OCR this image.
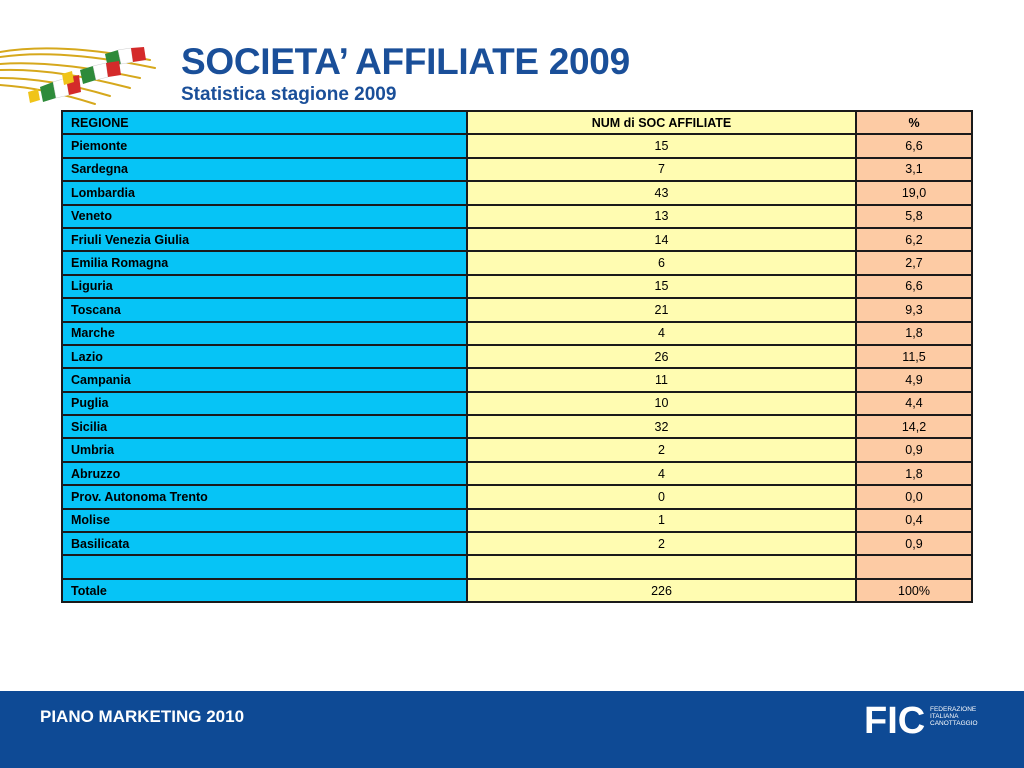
SOCIETA’ AFFILIATE 2009
Statistica stagione 2009
REGIONE	NUM di SOC AFFILIATE	%
Piemonte	15	6,6
Sardegna	7	3,1
Lombardia	43	19,0
Veneto	13	5,8
Friuli Venezia Giulia	14	6,2
Emilia Romagna	6	2,7
Liguria	15	6,6
Toscana	21	9,3
Marche	4	1,8
Lazio	26	11,5
Campania	11	4,9
Puglia	10	4,4
Sicilia	32	14,2
Umbria	2	0,9
Abruzzo	4	1,8
Prov. Autonoma Trento	0	0,0
Molise	1	0,4
Basilicata	2	0,9

Totale	226	100%

PIANO MARKETING 2010	FIC FEDERAZIONE
ITALIANA
CANOTTAGGIO
